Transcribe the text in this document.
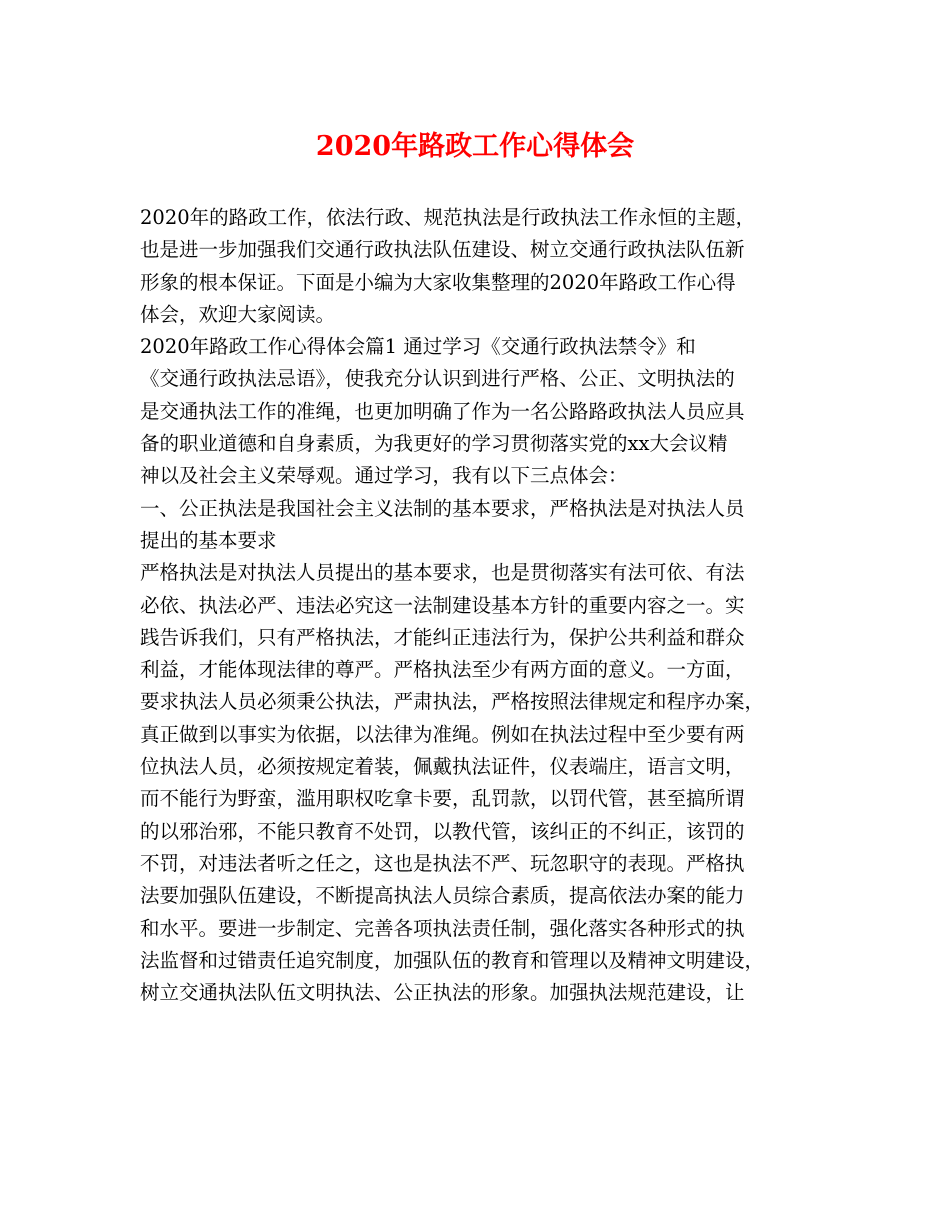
2020年路政工作心得体会
2020年的路政工作，依法行政、规范执法是行政执法工作永恒的主题，
也是进一步加强我们交通行政执法队伍建设、树立交通行政执法队伍新
形象的根本保证。下面是小编为大家收集整理的2020年路政工作心得
体会，欢迎大家阅读。
2020年路政工作心得体会篇1 通过学习《交通行政执法禁令》和
《交通行政执法忌语》，使我充分认识到进行严格、公正、文明执法的
是交通执法工作的准绳，也更加明确了作为一名公路路政执法人员应具
备的职业道德和自身素质，为我更好的学习贯彻落实党的xx大会议精
神以及社会主义荣辱观。通过学习，我有以下三点体会：
一、公正执法是我国社会主义法制的基本要求，严格执法是对执法人员
提出的基本要求
严格执法是对执法人员提出的基本要求，也是贯彻落实有法可依、有法
必依、执法必严、违法必究这一法制建设基本方针的重要内容之一。实
践告诉我们，只有严格执法，才能纠正违法行为，保护公共利益和群众
利益，才能体现法律的尊严。严格执法至少有两方面的意义。一方面，
要求执法人员必须秉公执法，严肃执法，严格按照法律规定和程序办案，
真正做到以事实为依据，以法律为准绳。例如在执法过程中至少要有两
位执法人员，必须按规定着装，佩戴执法证件，仪表端庄，语言文明，
而不能行为野蛮，滥用职权吃拿卡要，乱罚款，以罚代管，甚至搞所谓
的以邪治邪，不能只教育不处罚，以教代管，该纠正的不纠正，该罚的
不罚，对违法者听之任之，这也是执法不严、玩忽职守的表现。严格执
法要加强队伍建设，不断提高执法人员综合素质，提高依法办案的能力
和水平。要进一步制定、完善各项执法责任制，强化落实各种形式的执
法监督和过错责任追究制度，加强队伍的教育和管理以及精神文明建设，
树立交通执法队伍文明执法、公正执法的形象。加强执法规范建设，让
